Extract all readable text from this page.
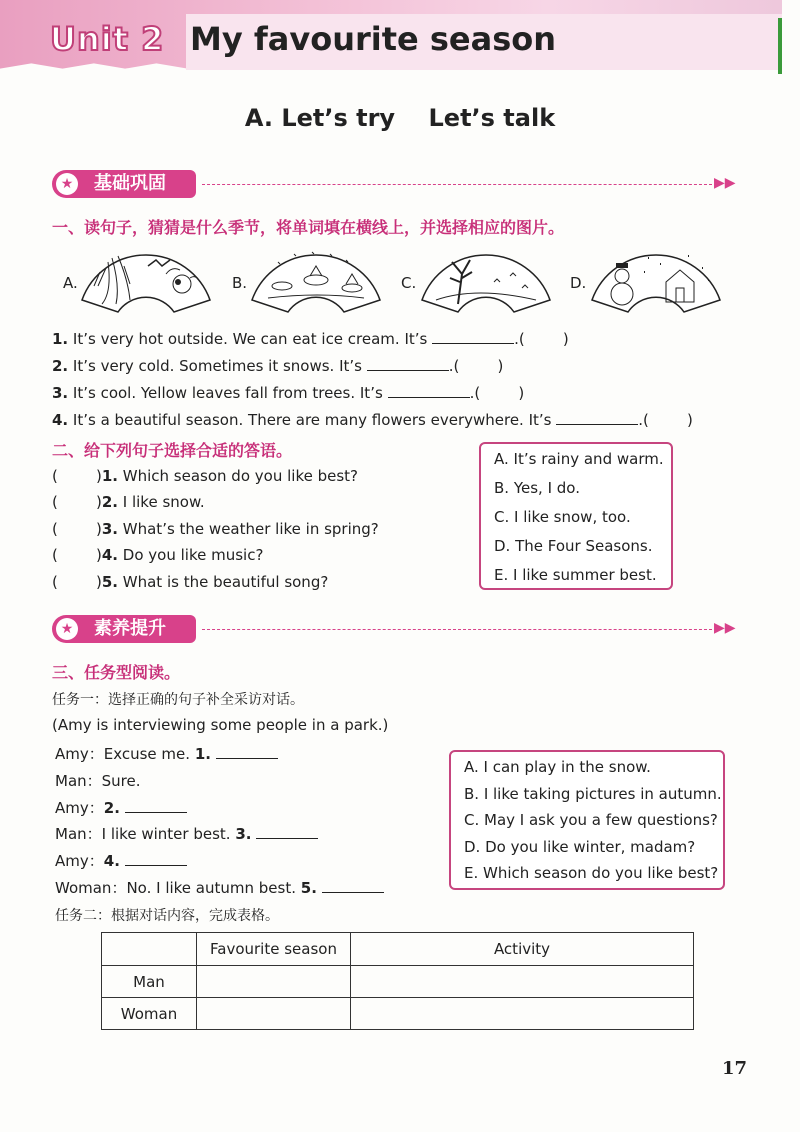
Unit 2 My favourite season
A. Let’s try    Let’s talk
★ 基础巩固	▶▶
一、读句子，猜猜是什么季节，将单词填在横线上，并选择相应的图片。
A.	B.	C.	D.
1. It’s very hot outside. We can eat ice cream. It’s	.(        )
2. It’s very cold. Sometimes it snows. It’s	.(        )
3. It’s cool. Yellow leaves fall from trees. It’s	.(        )
4. It’s a beautiful season. There are many flowers everywhere. It’s	.(        )
二、给下列句子选择合适的答语。
(        )1. Which season do you like best?
(        )2. I like snow.
(        )3. What’s the weather like in spring?
(        )4. Do you like music?
(        )5. What is the beautiful song?
A. It’s rainy and warm.
B. Yes, I do.
C. I like snow, too.
D. The Four Seasons.
E. I like summer best.
★ 素养提升	▶▶
三、任务型阅读。
任务一：选择正确的句子补全采访对话。
(Amy is interviewing some people in a park.)
Amy：Excuse me. 1.
Man：Sure.
Amy：2.
Man：I like winter best. 3.
Amy：4.
Woman：No. I like autumn best. 5.
A. I can play in the snow.
B. I like taking pictures in autumn.
C. May I ask you a few questions?
D. Do you like winter, madam?
E. Which season do you like best?
任务二：根据对话内容，完成表格。
	Favourite season	Activity
Man		
Woman		
17
